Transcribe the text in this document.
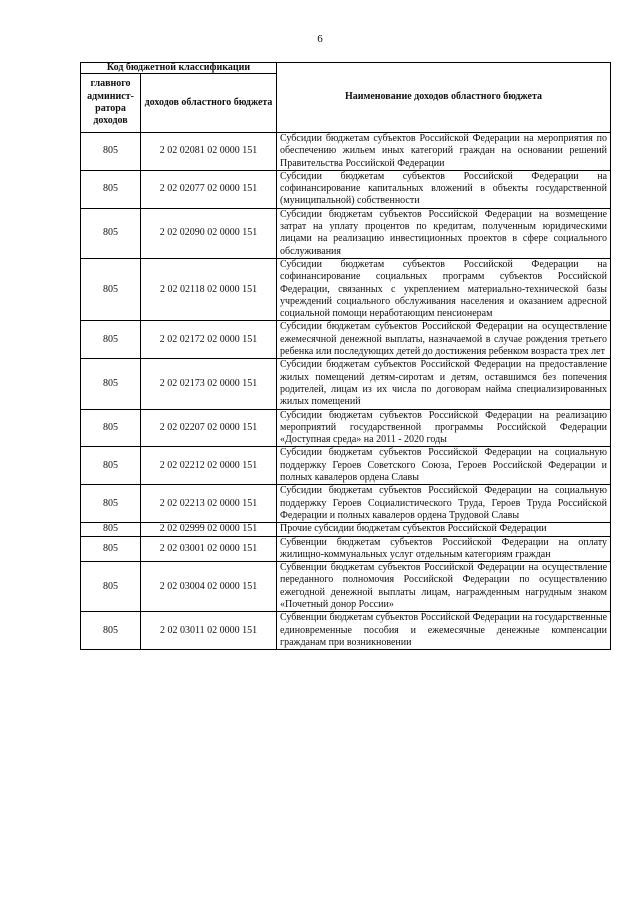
6
Код бюджетной классификации		Наименование доходов областного бюджета
главного админист-ратора доходов	доходов областного бюджета	
805	2 02 02081 02 0000 151	Субсидии бюджетам субъектов Российской Федерации на мероприятия по обеспечению жильем иных категорий граждан на основании решений Правительства Российской Федерации
805	2 02 02077 02 0000 151	Субсидии бюджетам субъектов Российской Федерации на софинансирование капитальных вложений в объекты государственной (муниципальной) собственности
805	2 02 02090 02 0000 151	Субсидии бюджетам субъектов Российской Федерации на возмещение затрат на уплату процентов по кредитам, полученным юридическими лицами на реализацию инвестиционных проектов в сфере социального обслуживания
805	2 02 02118 02 0000 151	Субсидии бюджетам субъектов Российской Федерации на софинансирование социальных программ субъектов Российской Федерации, связанных с укреплением материально-технической базы учреждений социального обслуживания населения и оказанием адресной социальной помощи неработающим пенсионерам
805	2 02 02172 02 0000 151	Субсидии бюджетам субъектов Российской Федерации на осуществление ежемесячной денежной выплаты, назначаемой в случае рождения третьего ребенка или последующих детей до достижения ребенком возраста трех лет
805	2 02 02173 02 0000 151	Субсидии бюджетам субъектов Российской Федерации на предоставление жилых помещений детям-сиротам и детям, оставшимся без попечения родителей, лицам из их числа по договорам найма специализированных жилых помещений
805	2 02 02207 02 0000 151	Субсидии бюджетам субъектов Российской Федерации на реализацию мероприятий государственной программы Российской Федерации «Доступная среда» на 2011 - 2020 годы
805	2 02 02212 02 0000 151	Субсидии бюджетам субъектов Российской Федерации на социальную поддержку Героев Советского Союза, Героев Российской Федерации и полных кавалеров ордена Славы
805	2 02 02213 02 0000 151	Субсидии бюджетам субъектов Российской Федерации на социальную поддержку Героев Социалистического Труда, Героев Труда Российской Федерации и полных кавалеров ордена Трудовой Славы
805	2 02 02999 02 0000 151	Прочие субсидии бюджетам субъектов Российской Федерации
805	2 02 03001 02 0000 151	Субвенции бюджетам субъектов Российской Федерации на оплату жилищно-коммунальных услуг отдельным категориям граждан
805	2 02 03004 02 0000 151	Субвенции бюджетам субъектов Российской Федерации на осуществление переданного полномочия Российской Федерации по осуществлению ежегодной денежной выплаты лицам, награжденным нагрудным знаком «Почетный донор России»
805	2 02 03011 02 0000 151	Субвенции бюджетам субъектов Российской Федерации на государственные единовременные пособия и ежемесячные денежные компенсации гражданам при возникновении
